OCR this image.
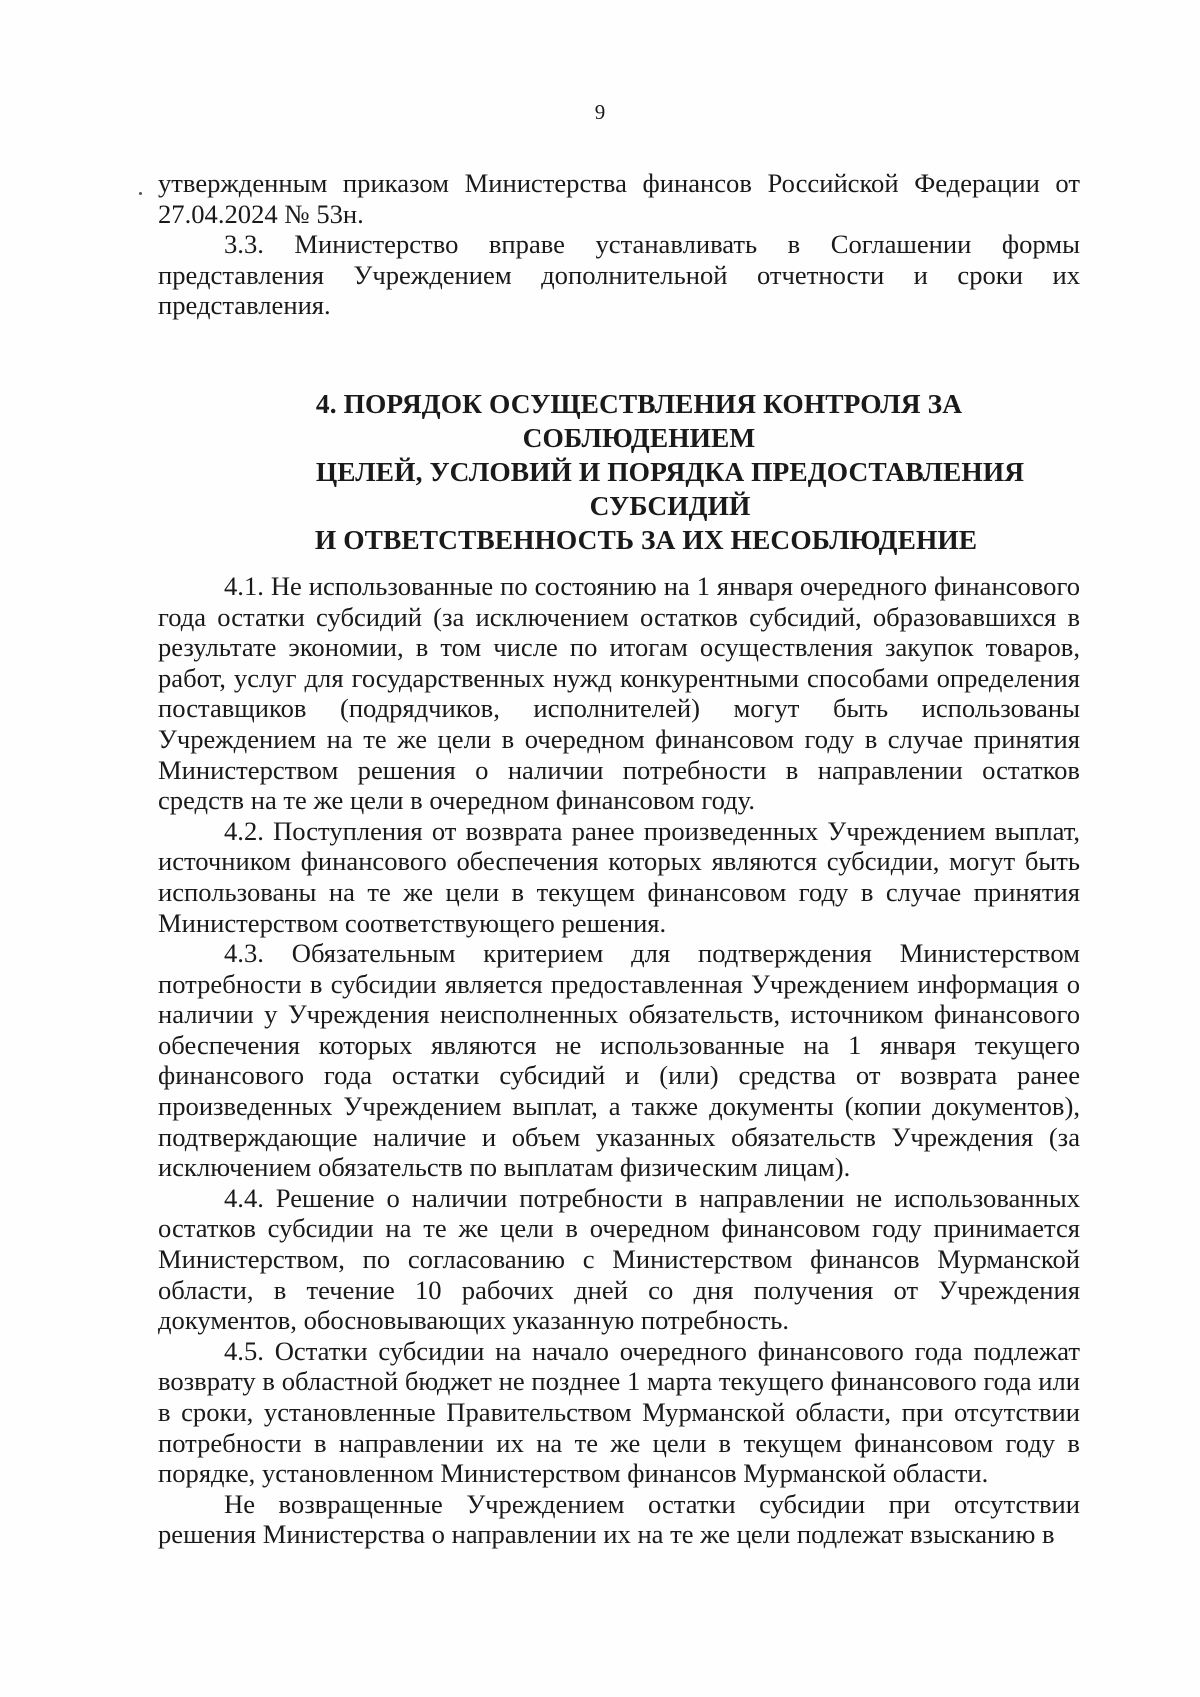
9

утвержденным приказом Министерства финансов Российской Федерации от 27.04.2024 № 53н.

3.3. Министерство вправе устанавливать в Соглашении формы представления Учреждением дополнительной отчетности и сроки их представления.

4. ПОРЯДОК ОСУЩЕСТВЛЕНИЯ КОНТРОЛЯ ЗА СОБЛЮДЕНИЕМ
ЦЕЛЕЙ, УСЛОВИЙ И ПОРЯДКА ПРЕДОСТАВЛЕНИЯ СУБСИДИЙ
И ОТВЕТСТВЕННОСТЬ ЗА ИХ НЕСОБЛЮДЕНИЕ

4.1. Не использованные по состоянию на 1 января очередного финансового года остатки субсидий (за исключением остатков субсидий, образовавшихся в результате экономии, в том числе по итогам осуществления закупок товаров, работ, услуг для государственных нужд конкурентными способами определения поставщиков (подрядчиков, исполнителей) могут быть использованы Учреждением на те же цели в очередном финансовом году в случае принятия Министерством решения о наличии потребности в направлении остатков средств на те же цели в очередном финансовом году.

4.2. Поступления от возврата ранее произведенных Учреждением выплат, источником финансового обеспечения которых являются субсидии, могут быть использованы на те же цели в текущем финансовом году в случае принятия Министерством соответствующего решения.

4.3. Обязательным критерием для подтверждения Министерством потребности в субсидии является предоставленная Учреждением информация о наличии у Учреждения неисполненных обязательств, источником финансового обеспечения которых являются не использованные на 1 января текущего финансового года остатки субсидий и (или) средства от возврата ранее произведенных Учреждением выплат, а также документы (копии документов), подтверждающие наличие и объем указанных обязательств Учреждения (за исключением обязательств по выплатам физическим лицам).

4.4. Решение о наличии потребности в направлении не использованных остатков субсидии на те же цели в очередном финансовом году принимается Министерством, по согласованию с Министерством финансов Мурманской области, в течение 10 рабочих дней со дня получения от Учреждения документов, обосновывающих указанную потребность.

4.5. Остатки субсидии на начало очередного финансового года подлежат возврату в областной бюджет не позднее 1 марта текущего финансового года или в сроки, установленные Правительством Мурманской области, при отсутствии потребности в направлении их на те же цели в текущем финансовом году в порядке, установленном Министерством финансов Мурманской области.

Не возвращенные Учреждением остатки субсидии при отсутствии решения Министерства о направлении их на те же цели подлежат взысканию в
